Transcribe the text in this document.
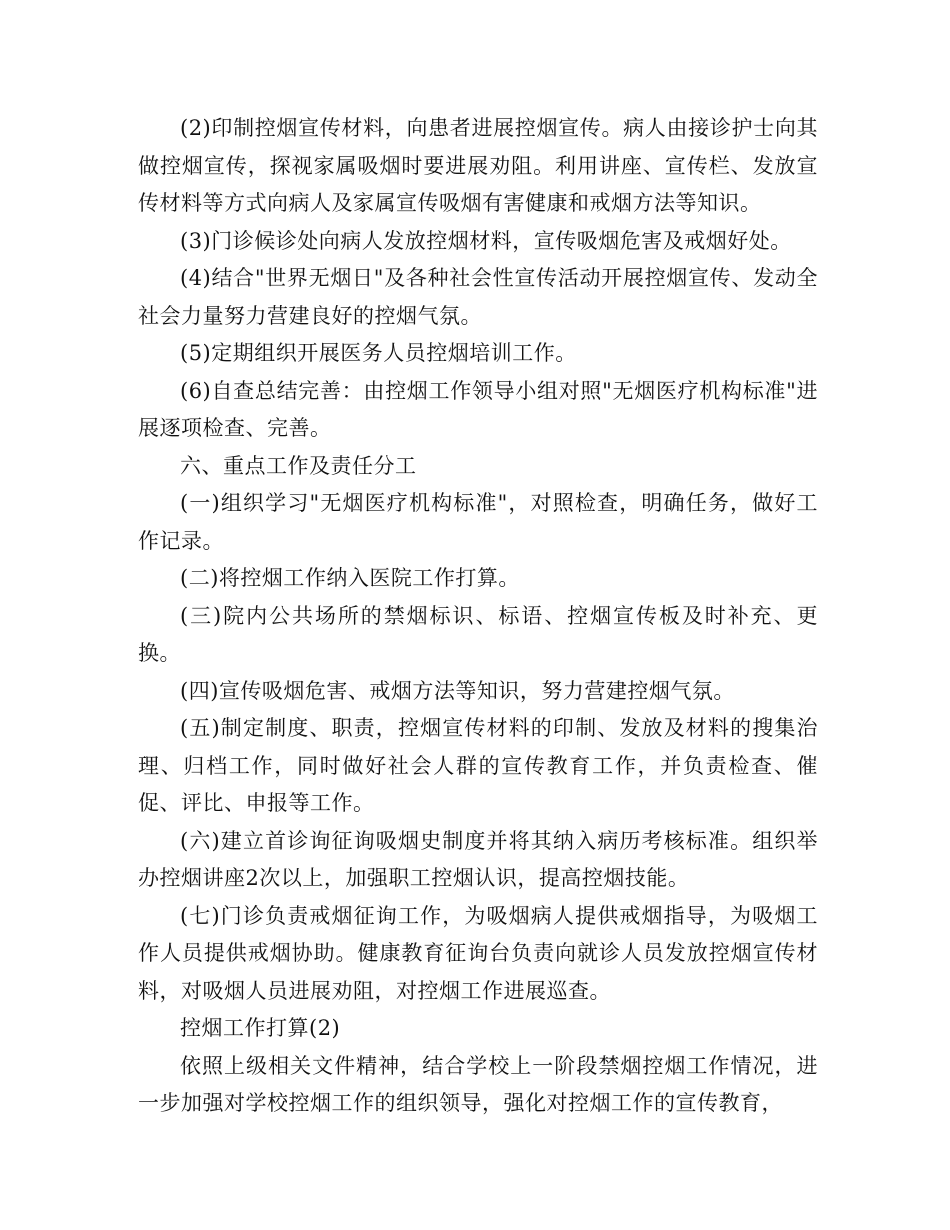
(2)印制控烟宣传材料，向患者进展控烟宣传。病人由接诊护士向其做控烟宣传，探视家属吸烟时要进展劝阻。利用讲座、宣传栏、发放宣传材料等方式向病人及家属宣传吸烟有害健康和戒烟方法等知识。

(3)门诊候诊处向病人发放控烟材料，宣传吸烟危害及戒烟好处。

(4)结合"世界无烟日"及各种社会性宣传活动开展控烟宣传、发动全社会力量努力营建良好的控烟气氛。

(5)定期组织开展医务人员控烟培训工作。

(6)自查总结完善：由控烟工作领导小组对照"无烟医疗机构标准"进展逐项检查、完善。

六、重点工作及责任分工

(一)组织学习"无烟医疗机构标准"，对照检查，明确任务，做好工作记录。

(二)将控烟工作纳入医院工作打算。

(三)院内公共场所的禁烟标识、标语、控烟宣传板及时补充、更换。

(四)宣传吸烟危害、戒烟方法等知识，努力营建控烟气氛。

(五)制定制度、职责，控烟宣传材料的印制、发放及材料的搜集治理、归档工作，同时做好社会人群的宣传教育工作，并负责检查、催促、评比、申报等工作。

(六)建立首诊询征询吸烟史制度并将其纳入病历考核标准。组织举办控烟讲座2次以上，加强职工控烟认识，提高控烟技能。

(七)门诊负责戒烟征询工作，为吸烟病人提供戒烟指导，为吸烟工作人员提供戒烟协助。健康教育征询台负责向就诊人员发放控烟宣传材料，对吸烟人员进展劝阻，对控烟工作进展巡查。

控烟工作打算(2)

依照上级相关文件精神，结合学校上一阶段禁烟控烟工作情况，进一步加强对学校控烟工作的组织领导，强化对控烟工作的宣传教育，
